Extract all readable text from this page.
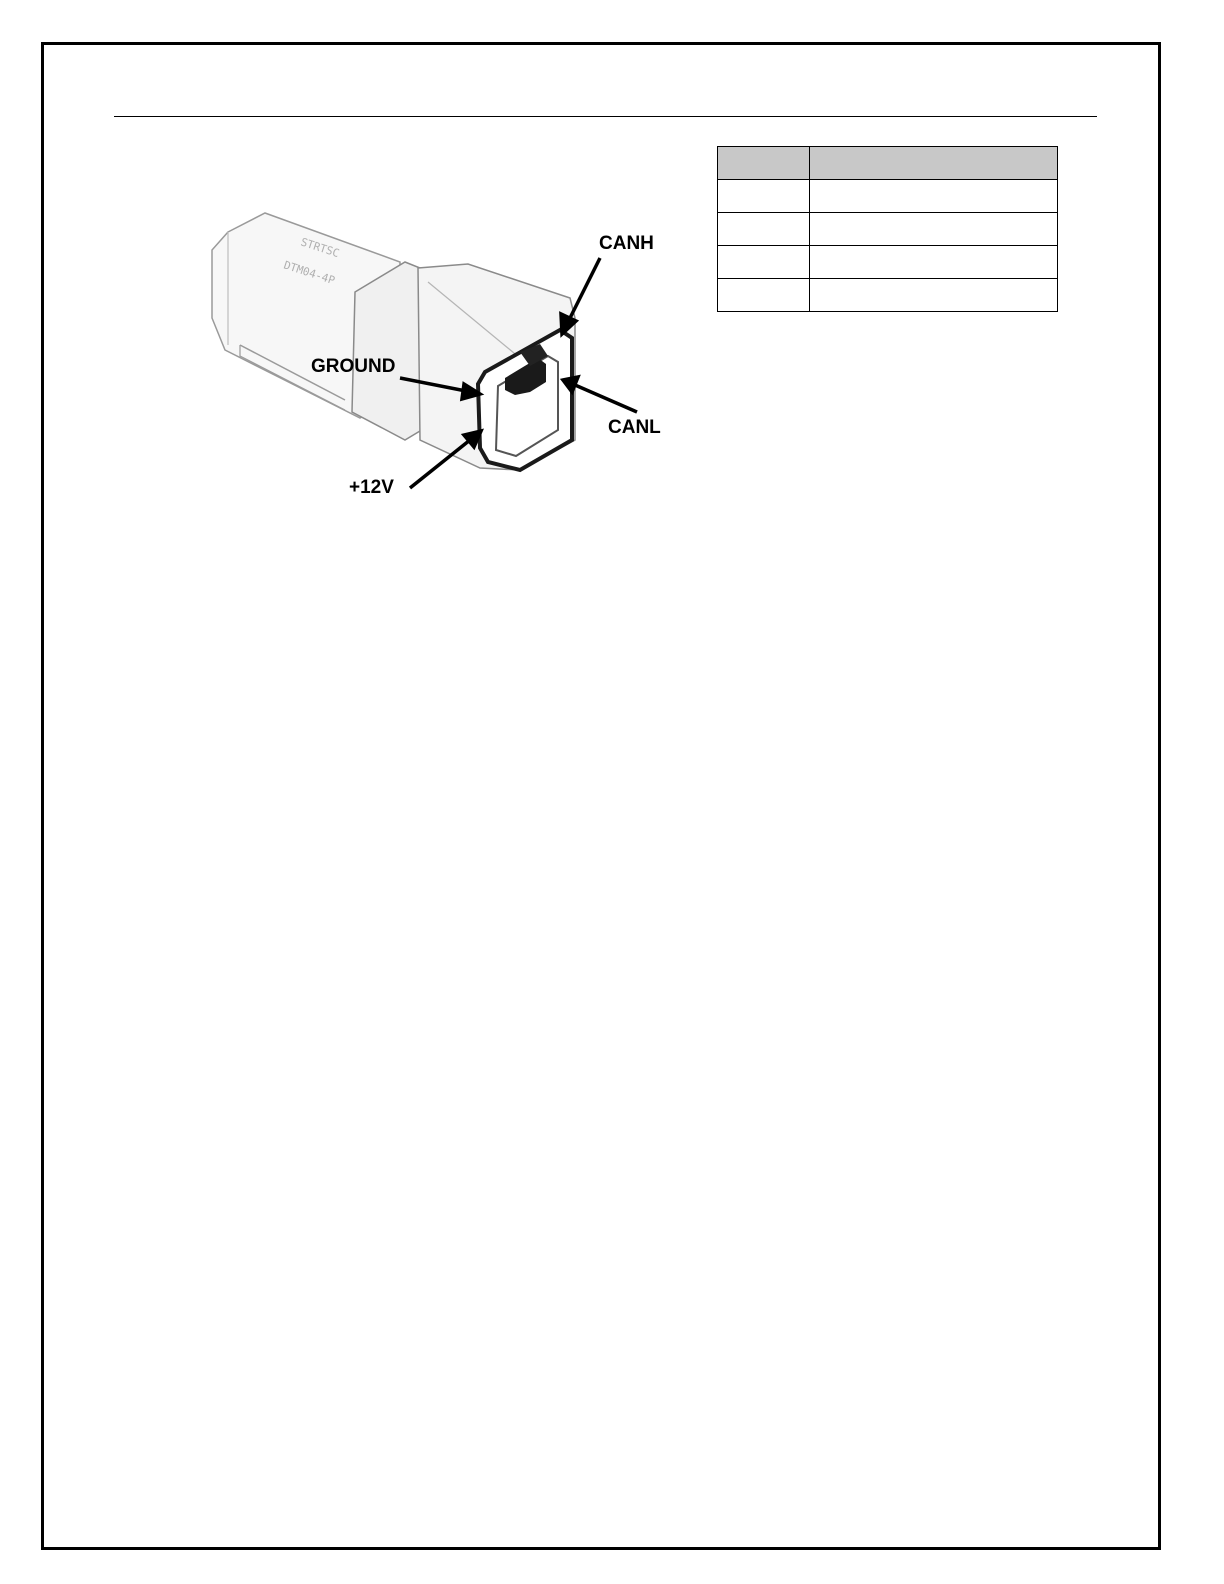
STRTSC
DTM04-4P
CANH
GROUND
CANL
+12V
